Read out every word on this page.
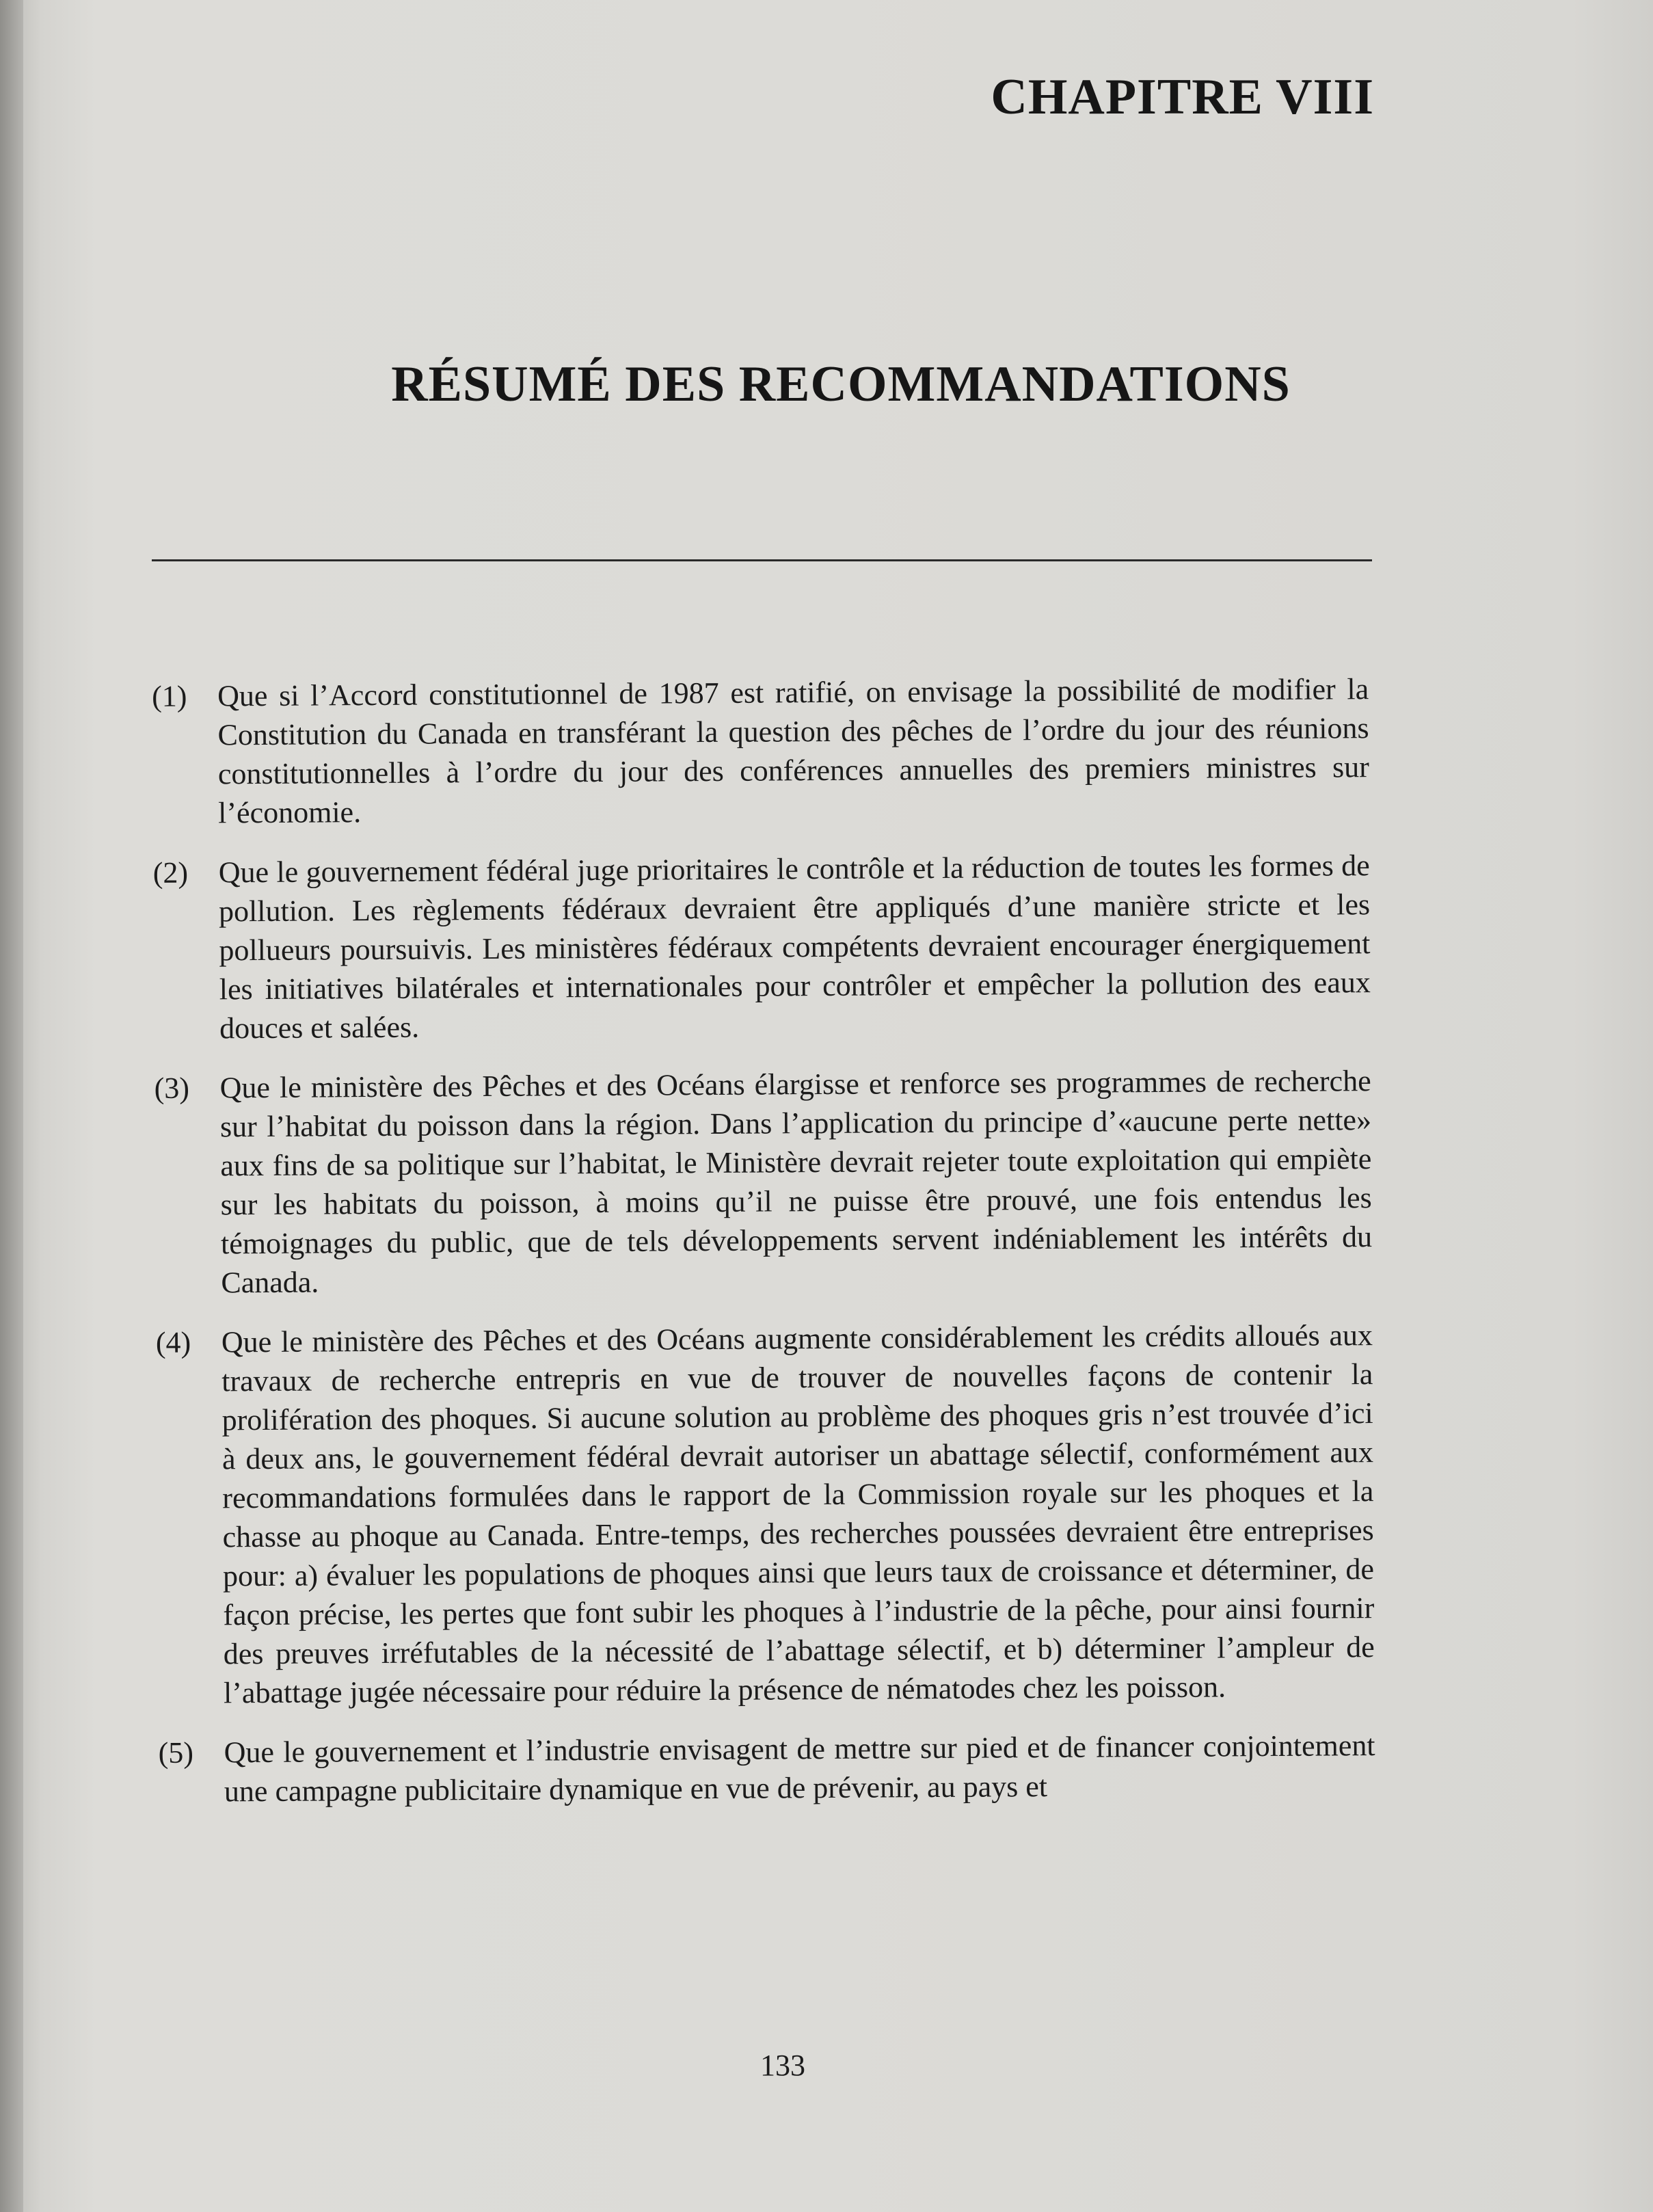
CHAPITRE VIII
RÉSUMÉ DES RECOMMANDATIONS
(1)	Que si l’Accord constitutionnel de 1987 est ratifié, on envisage la possibilité de modifier la Constitution du Canada en transférant la question des pêches de l’ordre du jour des réunions constitutionnelles à l’ordre du jour des conférences annuelles des premiers ministres sur l’économie.
(2)	Que le gouvernement fédéral juge prioritaires le contrôle et la réduction de toutes les formes de pollution. Les règlements fédéraux devraient être appliqués d’une manière stricte et les pollueurs poursuivis. Les ministères fédéraux compétents devraient encourager énergiquement les initiatives bilatérales et internationales pour contrôler et empêcher la pollution des eaux douces et salées.
(3)	Que le ministère des Pêches et des Océans élargisse et renforce ses programmes de recherche sur l’habitat du poisson dans la région. Dans l’application du principe d’«aucune perte nette» aux fins de sa politique sur l’habitat, le Ministère devrait rejeter toute exploitation qui empiète sur les habitats du poisson, à moins qu’il ne puisse être prouvé, une fois entendus les témoignages du public, que de tels développements servent indéniablement les intérêts du Canada.
(4)	Que le ministère des Pêches et des Océans augmente considérablement les crédits alloués aux travaux de recherche entrepris en vue de trouver de nouvelles façons de contenir la prolifération des phoques. Si aucune solution au problème des phoques gris n’est trouvée d’ici à deux ans, le gouvernement fédéral devrait autoriser un abattage sélectif, conformément aux recommandations formulées dans le rapport de la Commission royale sur les phoques et la chasse au phoque au Canada. Entre-temps, des recherches poussées devraient être entreprises pour: a) évaluer les populations de phoques ainsi que leurs taux de croissance et déterminer, de façon précise, les pertes que font subir les phoques à l’industrie de la pêche, pour ainsi fournir des preuves irréfutables de la nécessité de l’abattage sélectif, et b) déterminer l’ampleur de l’abattage jugée nécessaire pour réduire la présence de nématodes chez les poisson.
(5)	Que le gouvernement et l’industrie envisagent de mettre sur pied et de financer conjointement une campagne publicitaire dynamique en vue de prévenir, au pays et
133
